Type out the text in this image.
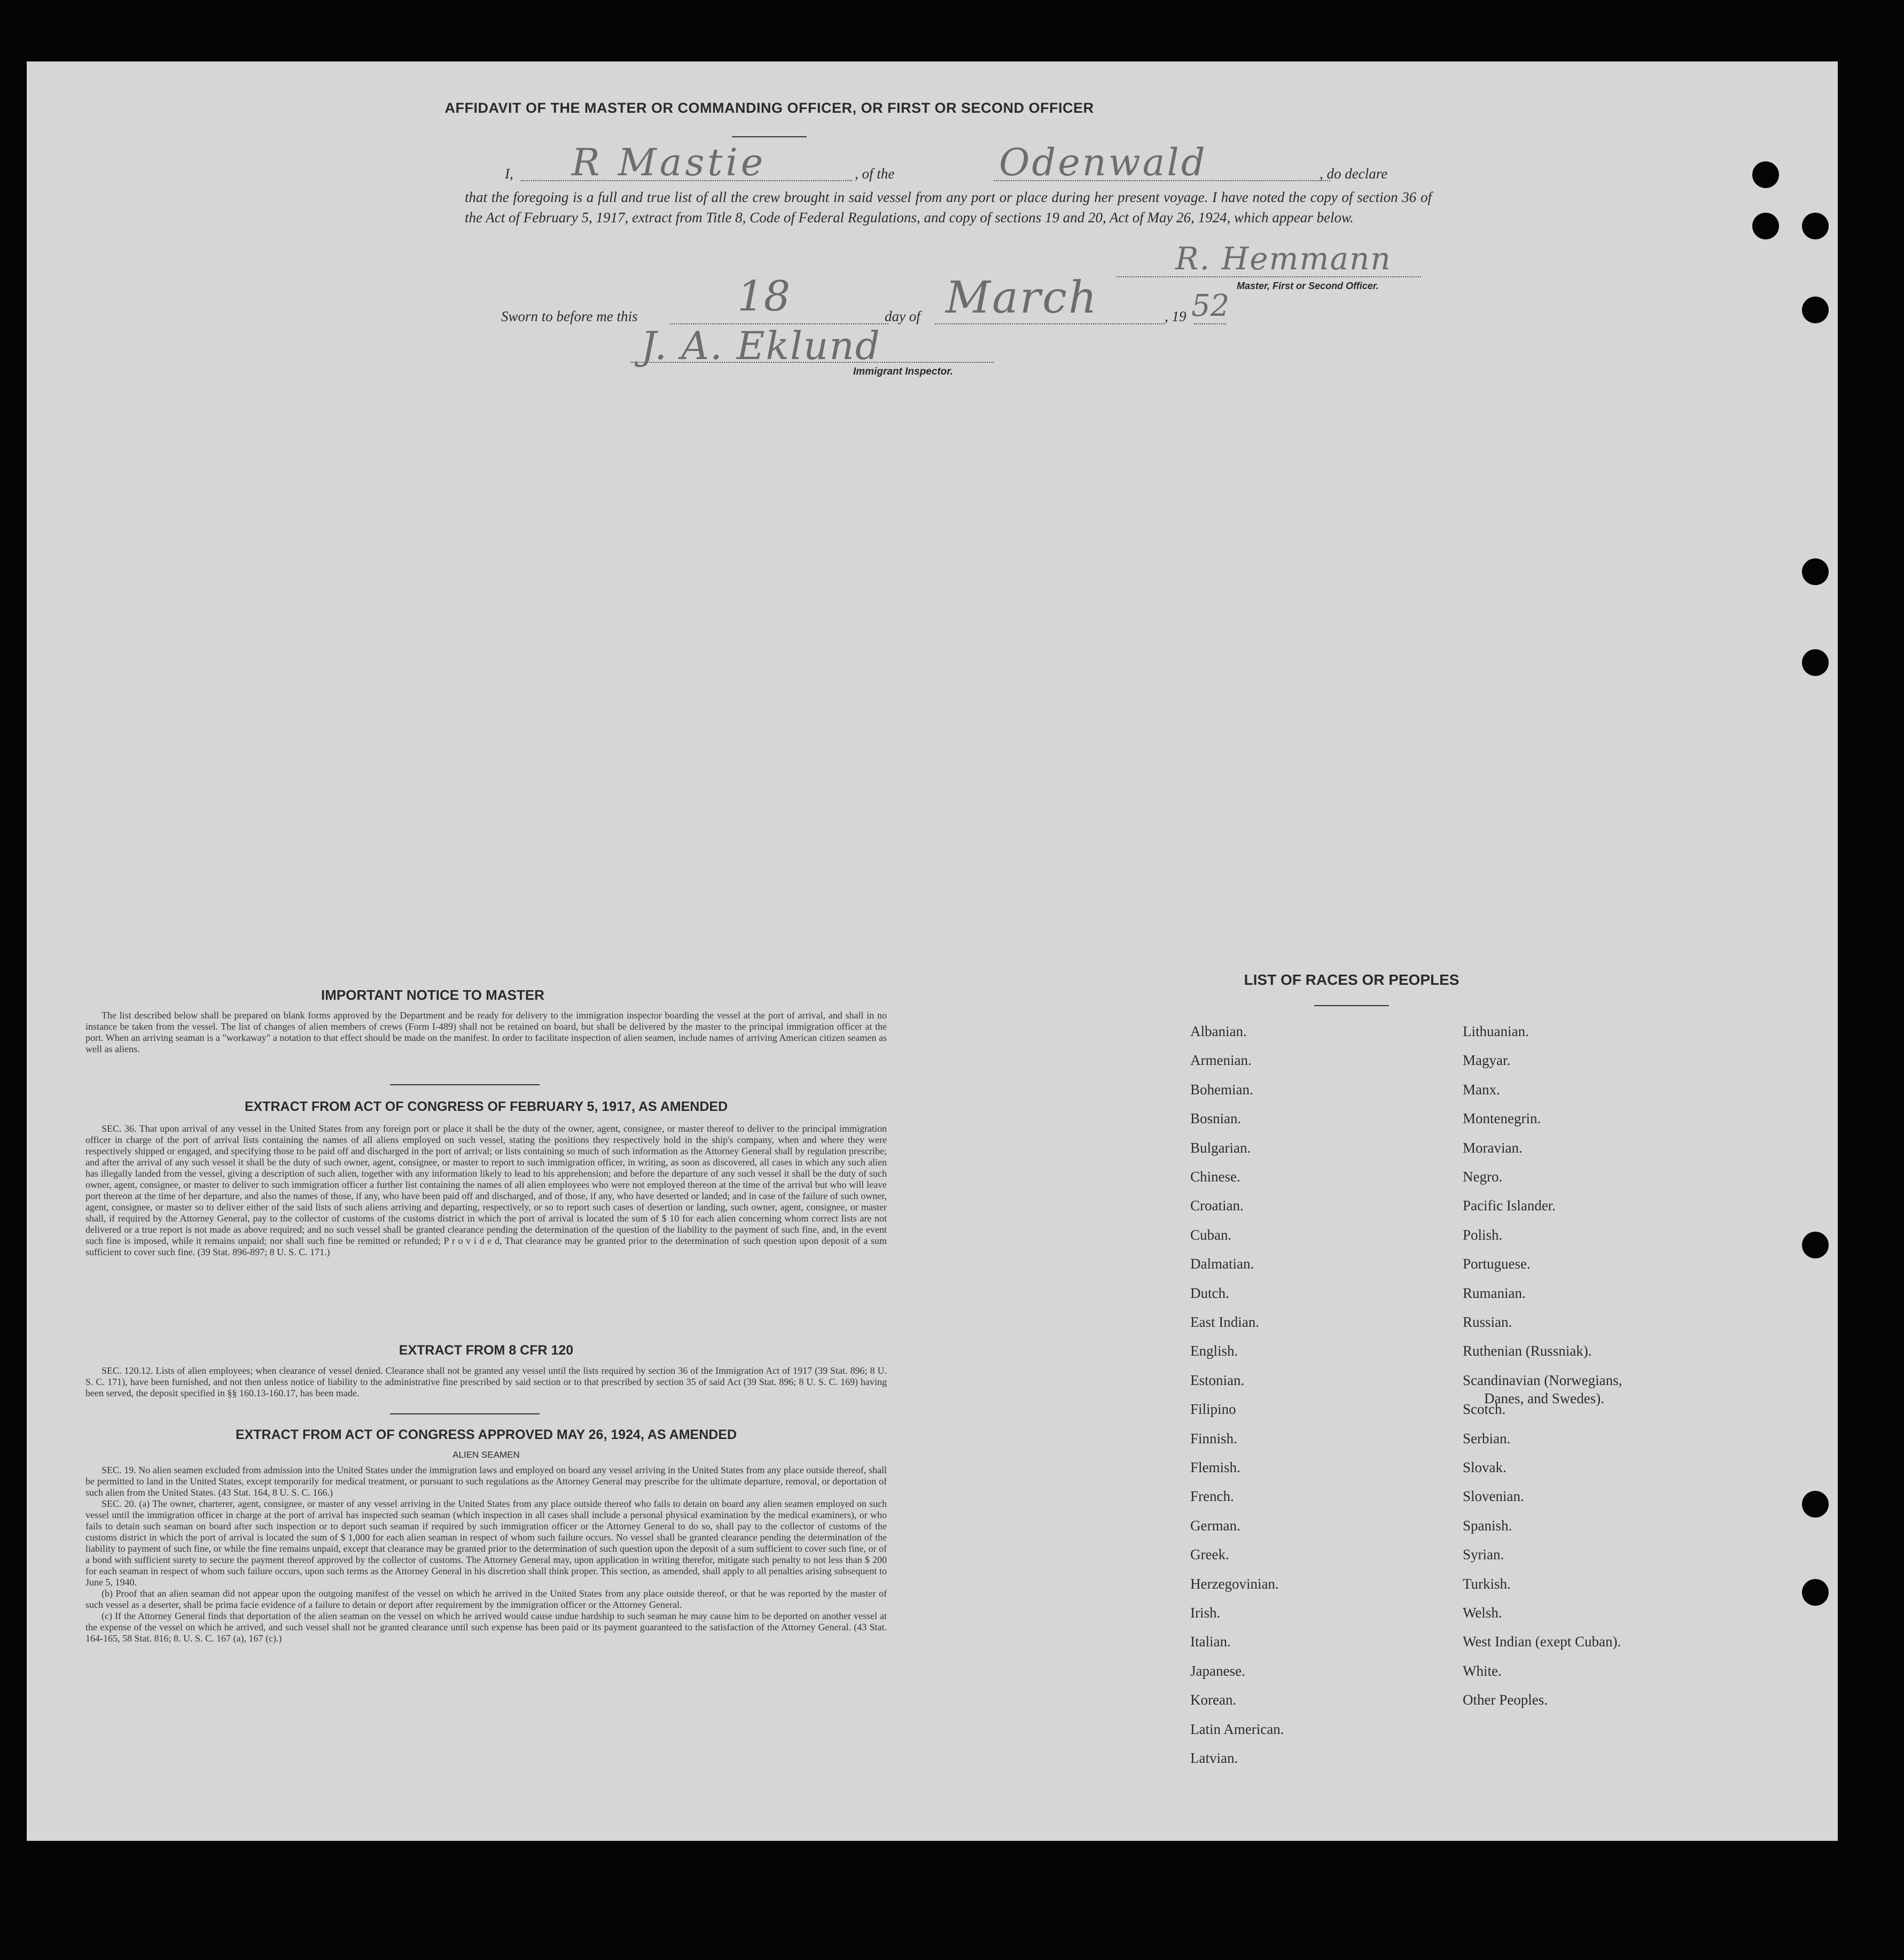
AFFIDAVIT OF THE MASTER OR COMMANDING OFFICER, OR FIRST OR SECOND OFFICER
I, R Mastie	, of the	Odenwald	, do declare
that the foregoing is a full and true list of all the crew brought in said vessel from any port or place during her present voyage. I have noted the copy of section 36 of the Act of February 5, 1917, extract from Title 8, Code of Federal Regulations, and copy of sections 19 and 20, Act of May 26, 1924, which appear below.
R. Hemmann
Master, First or Second Officer.
Sworn to before me this 18	day of March	, 19 52
J. A. Eklund
Immigrant Inspector.
IMPORTANT NOTICE TO MASTER
The list described below shall be prepared on blank forms approved by the Department and be ready for delivery to the immigration inspector boarding the vessel at the port of arrival, and shall in no instance be taken from the vessel. The list of changes of alien members of crews (Form I-489) shall not be retained on board, but shall be delivered by the master to the principal immigration officer at the port. When an arriving seaman is a "workaway" a notation to that effect should be made on the manifest. In order to facilitate inspection of alien seamen, include names of arriving American citizen seamen as well as aliens.
EXTRACT FROM ACT OF CONGRESS OF FEBRUARY 5, 1917, AS AMENDED
SEC. 36. That upon arrival of any vessel in the United States from any foreign port or place it shall be the duty of the owner, agent, consignee, or master thereof to deliver to the principal immigration officer in charge of the port of arrival lists containing the names of all aliens employed on such vessel, stating the positions they respectively hold in the ship's company, when and where they were respectively shipped or engaged, and specifying those to be paid off and discharged in the port of arrival; or lists containing so much of such information as the Attorney General shall by regulation prescribe; and after the arrival of any such vessel it shall be the duty of such owner, agent, consignee, or master to report to such immigration officer, in writing, as soon as discovered, all cases in which any such alien has illegally landed from the vessel, giving a description of such alien, together with any information likely to lead to his apprehension; and before the departure of any such vessel it shall be the duty of such owner, agent, consignee, or master to deliver to such immigration officer a further list containing the names of all alien employees who were not employed thereon at the time of the arrival but who will leave port thereon at the time of her departure, and also the names of those, if any, who have been paid off and discharged, and of those, if any, who have deserted or landed; and in case of the failure of such owner, agent, consignee, or master so to deliver either of the said lists of such aliens arriving and departing, respectively, or so to report such cases of desertion or landing, such owner, agent, consignee, or master shall, if required by the Attorney General, pay to the collector of customs of the customs district in which the port of arrival is located the sum of $ 10 for each alien concerning whom correct lists are not delivered or a true report is not made as above required; and no such vessel shall be granted clearance pending the determination of the question of the liability to the payment of such fine, and, in the event such fine is imposed, while it remains unpaid; nor shall such fine be remitted or refunded; P r o v i d e d, That clearance may be granted prior to the determination of such question upon deposit of a sum sufficient to cover such fine. (39 Stat. 896-897; 8 U. S. C. 171.)
EXTRACT FROM 8 CFR 120
SEC. 120.12. Lists of alien employees; when clearance of vessel denied. Clearance shall not be granted any vessel until the lists required by section 36 of the Immigration Act of 1917 (39 Stat. 896; 8 U. S. C. 171), have been furnished, and not then unless notice of liability to the administrative fine prescribed by said section or to that prescribed by section 35 of said Act (39 Stat. 896; 8 U. S. C. 169) having been served, the deposit specified in §§ 160.13-160.17, has been made.
EXTRACT FROM ACT OF CONGRESS APPROVED MAY 26, 1924, AS AMENDED
ALIEN SEAMEN
SEC. 19. No alien seamen excluded from admission into the United States under the immigration laws and employed on board any vessel arriving in the United States from any place outside thereof, shall be permitted to land in the United States, except temporarily for medical treatment, or pursuant to such regulations as the Attorney General may prescribe for the ultimate departure, removal, or deportation of such alien from the United States. (43 Stat. 164, 8 U. S. C. 166.)
SEC. 20. (a) The owner, charterer, agent, consignee, or master of any vessel arriving in the United States from any place outside thereof who fails to detain on board any alien seamen employed on such vessel until the immigration officer in charge at the port of arrival has inspected such seaman (which inspection in all cases shall include a personal physical examination by the medical examiners), or who fails to detain such seaman on board after such inspection or to deport such seaman if required by such immigration officer or the Attorney General to do so, shall pay to the collector of customs of the customs district in which the port of arrival is located the sum of $ 1,000 for each alien seaman in respect of whom such failure occurs. No vessel shall be granted clearance pending the determination of the liability to payment of such fine, or while the fine remains unpaid, except that clearance may be granted prior to the determination of such question upon the deposit of a sum sufficient to cover such fine, or of a bond with sufficient surety to secure the payment thereof approved by the collector of customs. The Attorney General may, upon application in writing therefor, mitigate such penalty to not less than $ 200 for each seaman in respect of whom such failure occurs, upon such terms as the Attorney General in his discretion shall think proper. This section, as amended, shall apply to all penalties arising subsequent to June 5, 1940.
(b) Proof that an alien seaman did not appear upon the outgoing manifest of the vessel on which he arrived in the United States from any place outside thereof, or that he was reported by the master of such vessel as a deserter, shall be prima facie evidence of a failure to detain or deport after requirement by the immigration officer or the Attorney General.
(c) If the Attorney General finds that deportation of the alien seaman on the vessel on which he arrived would cause undue hardship to such seaman he may cause him to be deported on another vessel at the expense of the vessel on which he arrived, and such vessel shall not be granted clearance until such expense has been paid or its payment guaranteed to the satisfaction of the Attorney General. (43 Stat. 164-165, 58 Stat. 816; 8. U. S. C. 167 (a), 167 (c).)
LIST OF RACES OR PEOPLES
Albanian.
Armenian.
Bohemian.
Bosnian.
Bulgarian.
Chinese.
Croatian.
Cuban.
Dalmatian.
Dutch.
East Indian.
English.
Estonian.
Filipino
Finnish.
Flemish.
French.
German.
Greek.
Herzegovinian.
Irish.
Italian.
Japanese.
Korean.
Latin American.
Latvian.
Lithuanian.
Magyar.
Manx.
Montenegrin.
Moravian.
Negro.
Pacific Islander.
Polish.
Portuguese.
Rumanian.
Russian.
Ruthenian (Russniak).
Scandinavian (Norwegians,
Danes, and Swedes).
Scotch.
Serbian.
Slovak.
Slovenian.
Spanish.
Syrian.
Turkish.
Welsh.
West Indian (exept Cuban).
White.
Other Peoples.
